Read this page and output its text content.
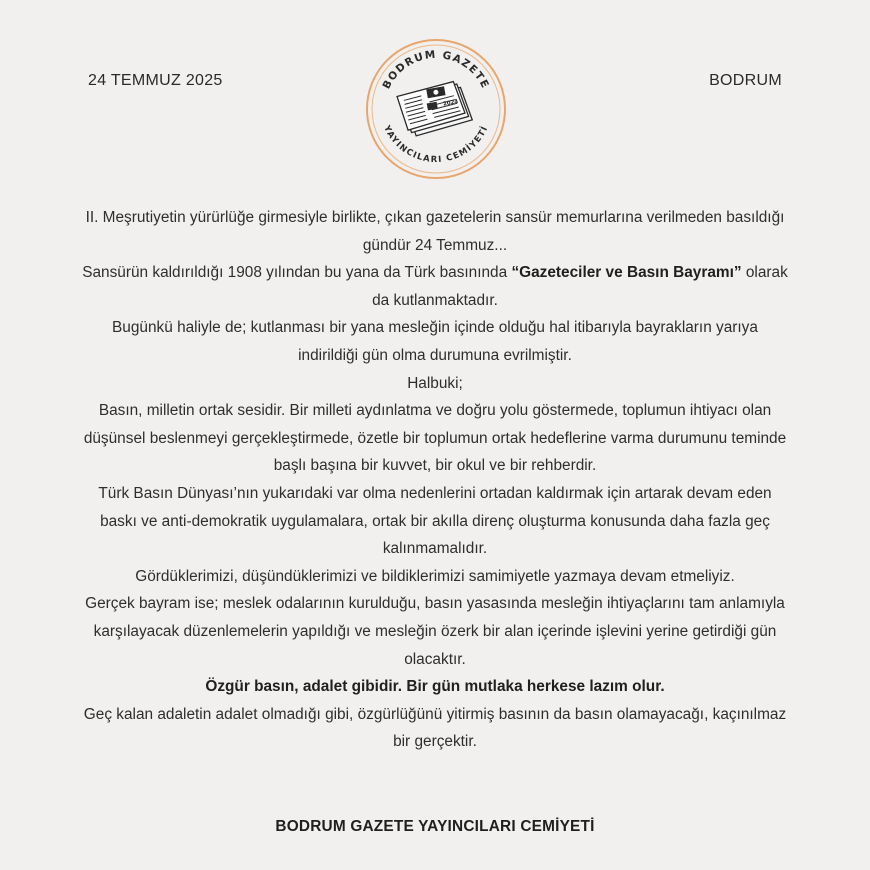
24 TEMMUZ 2025	BODRUM
BODRUM GAZETE
YAYINCILARI CEMİYETİ
2024

II. Meşrutiyetin yürürlüğe girmesiyle birlikte, çıkan gazetelerin sansür memurlarına verilmeden basıldığı gündür 24 Temmuz...

Sansürün kaldırıldığı 1908 yılından bu yana da Türk basınında “Gazeteciler ve Basın Bayramı” olarak da kutlanmaktadır.

Bugünkü haliyle de; kutlanması bir yana mesleğin içinde olduğu hal itibarıyla bayrakların yarıya indirildiği gün olma durumuna evrilmiştir.

Halbuki;

Basın, milletin ortak sesidir. Bir milleti aydınlatma ve doğru yolu göstermede, toplumun ihtiyacı olan düşünsel beslenmeyi gerçekleştirmede, özetle bir toplumun ortak hedeflerine varma durumunu teminde başlı başına bir kuvvet, bir okul ve bir rehberdir.

Türk Basın Dünyası’nın yukarıdaki var olma nedenlerini ortadan kaldırmak için artarak devam eden baskı ve anti-demokratik uygulamalara, ortak bir akılla direnç oluşturma konusunda daha fazla geç kalınmamalıdır.

Gördüklerimizi, düşündüklerimizi ve bildiklerimizi samimiyetle yazmaya devam etmeliyiz.

Gerçek bayram ise; meslek odalarının kurulduğu, basın yasasında mesleğin ihtiyaçlarını tam anlamıyla karşılayacak düzenlemelerin yapıldığı ve mesleğin özerk bir alan içerinde işlevini yerine getirdiği gün olacaktır.

Özgür basın, adalet gibidir. Bir gün mutlaka herkese lazım olur.

Geç kalan adaletin adalet olmadığı gibi, özgürlüğünü yitirmiş basının da basın olamayacağı, kaçınılmaz bir gerçektir.

BODRUM GAZETE YAYINCILARI CEMİYETİ
